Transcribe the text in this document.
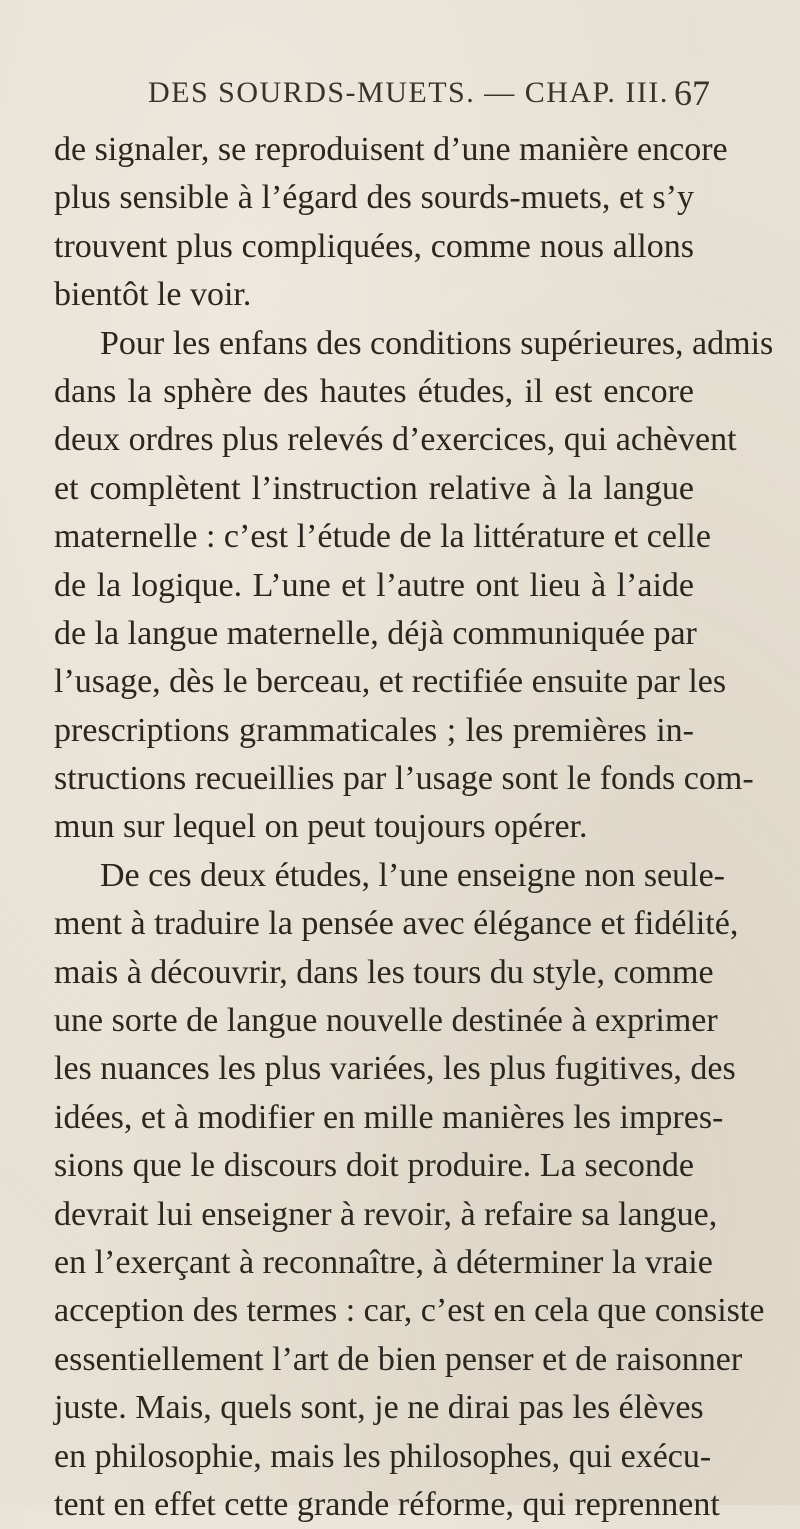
DES SOURDS-MUETS. — CHAP. III. 67
de signaler, se reproduisent d’une manière encore
plus sensible à l’égard des sourds-muets, et s’y
trouvent plus compliquées, comme nous allons
bientôt le voir.
Pour les enfans des conditions supérieures, admis
dans la sphère des hautes études, il est encore
deux ordres plus relevés d’exercices, qui achèvent
et complètent l’instruction relative à la langue
maternelle : c’est l’étude de la littérature et celle
de la logique. L’une et l’autre ont lieu à l’aide
de la langue maternelle, déjà communiquée par
l’usage, dès le berceau, et rectifiée ensuite par les
prescriptions grammaticales ; les premières in-
structions recueillies par l’usage sont le fonds com-
mun sur lequel on peut toujours opérer.
De ces deux études, l’une enseigne non seule-
ment à traduire la pensée avec élégance et fidélité,
mais à découvrir, dans les tours du style, comme
une sorte de langue nouvelle destinée à exprimer
les nuances les plus variées, les plus fugitives, des
idées, et à modifier en mille manières les impres-
sions que le discours doit produire. La seconde
devrait lui enseigner à revoir, à refaire sa langue,
en l’exerçant à reconnaître, à déterminer la vraie
acception des termes : car, c’est en cela que consiste
essentiellement l’art de bien penser et de raisonner
juste. Mais, quels sont, je ne dirai pas les élèves
en philosophie, mais les philosophes, qui exécu-
tent en effet cette grande réforme, qui reprennent
